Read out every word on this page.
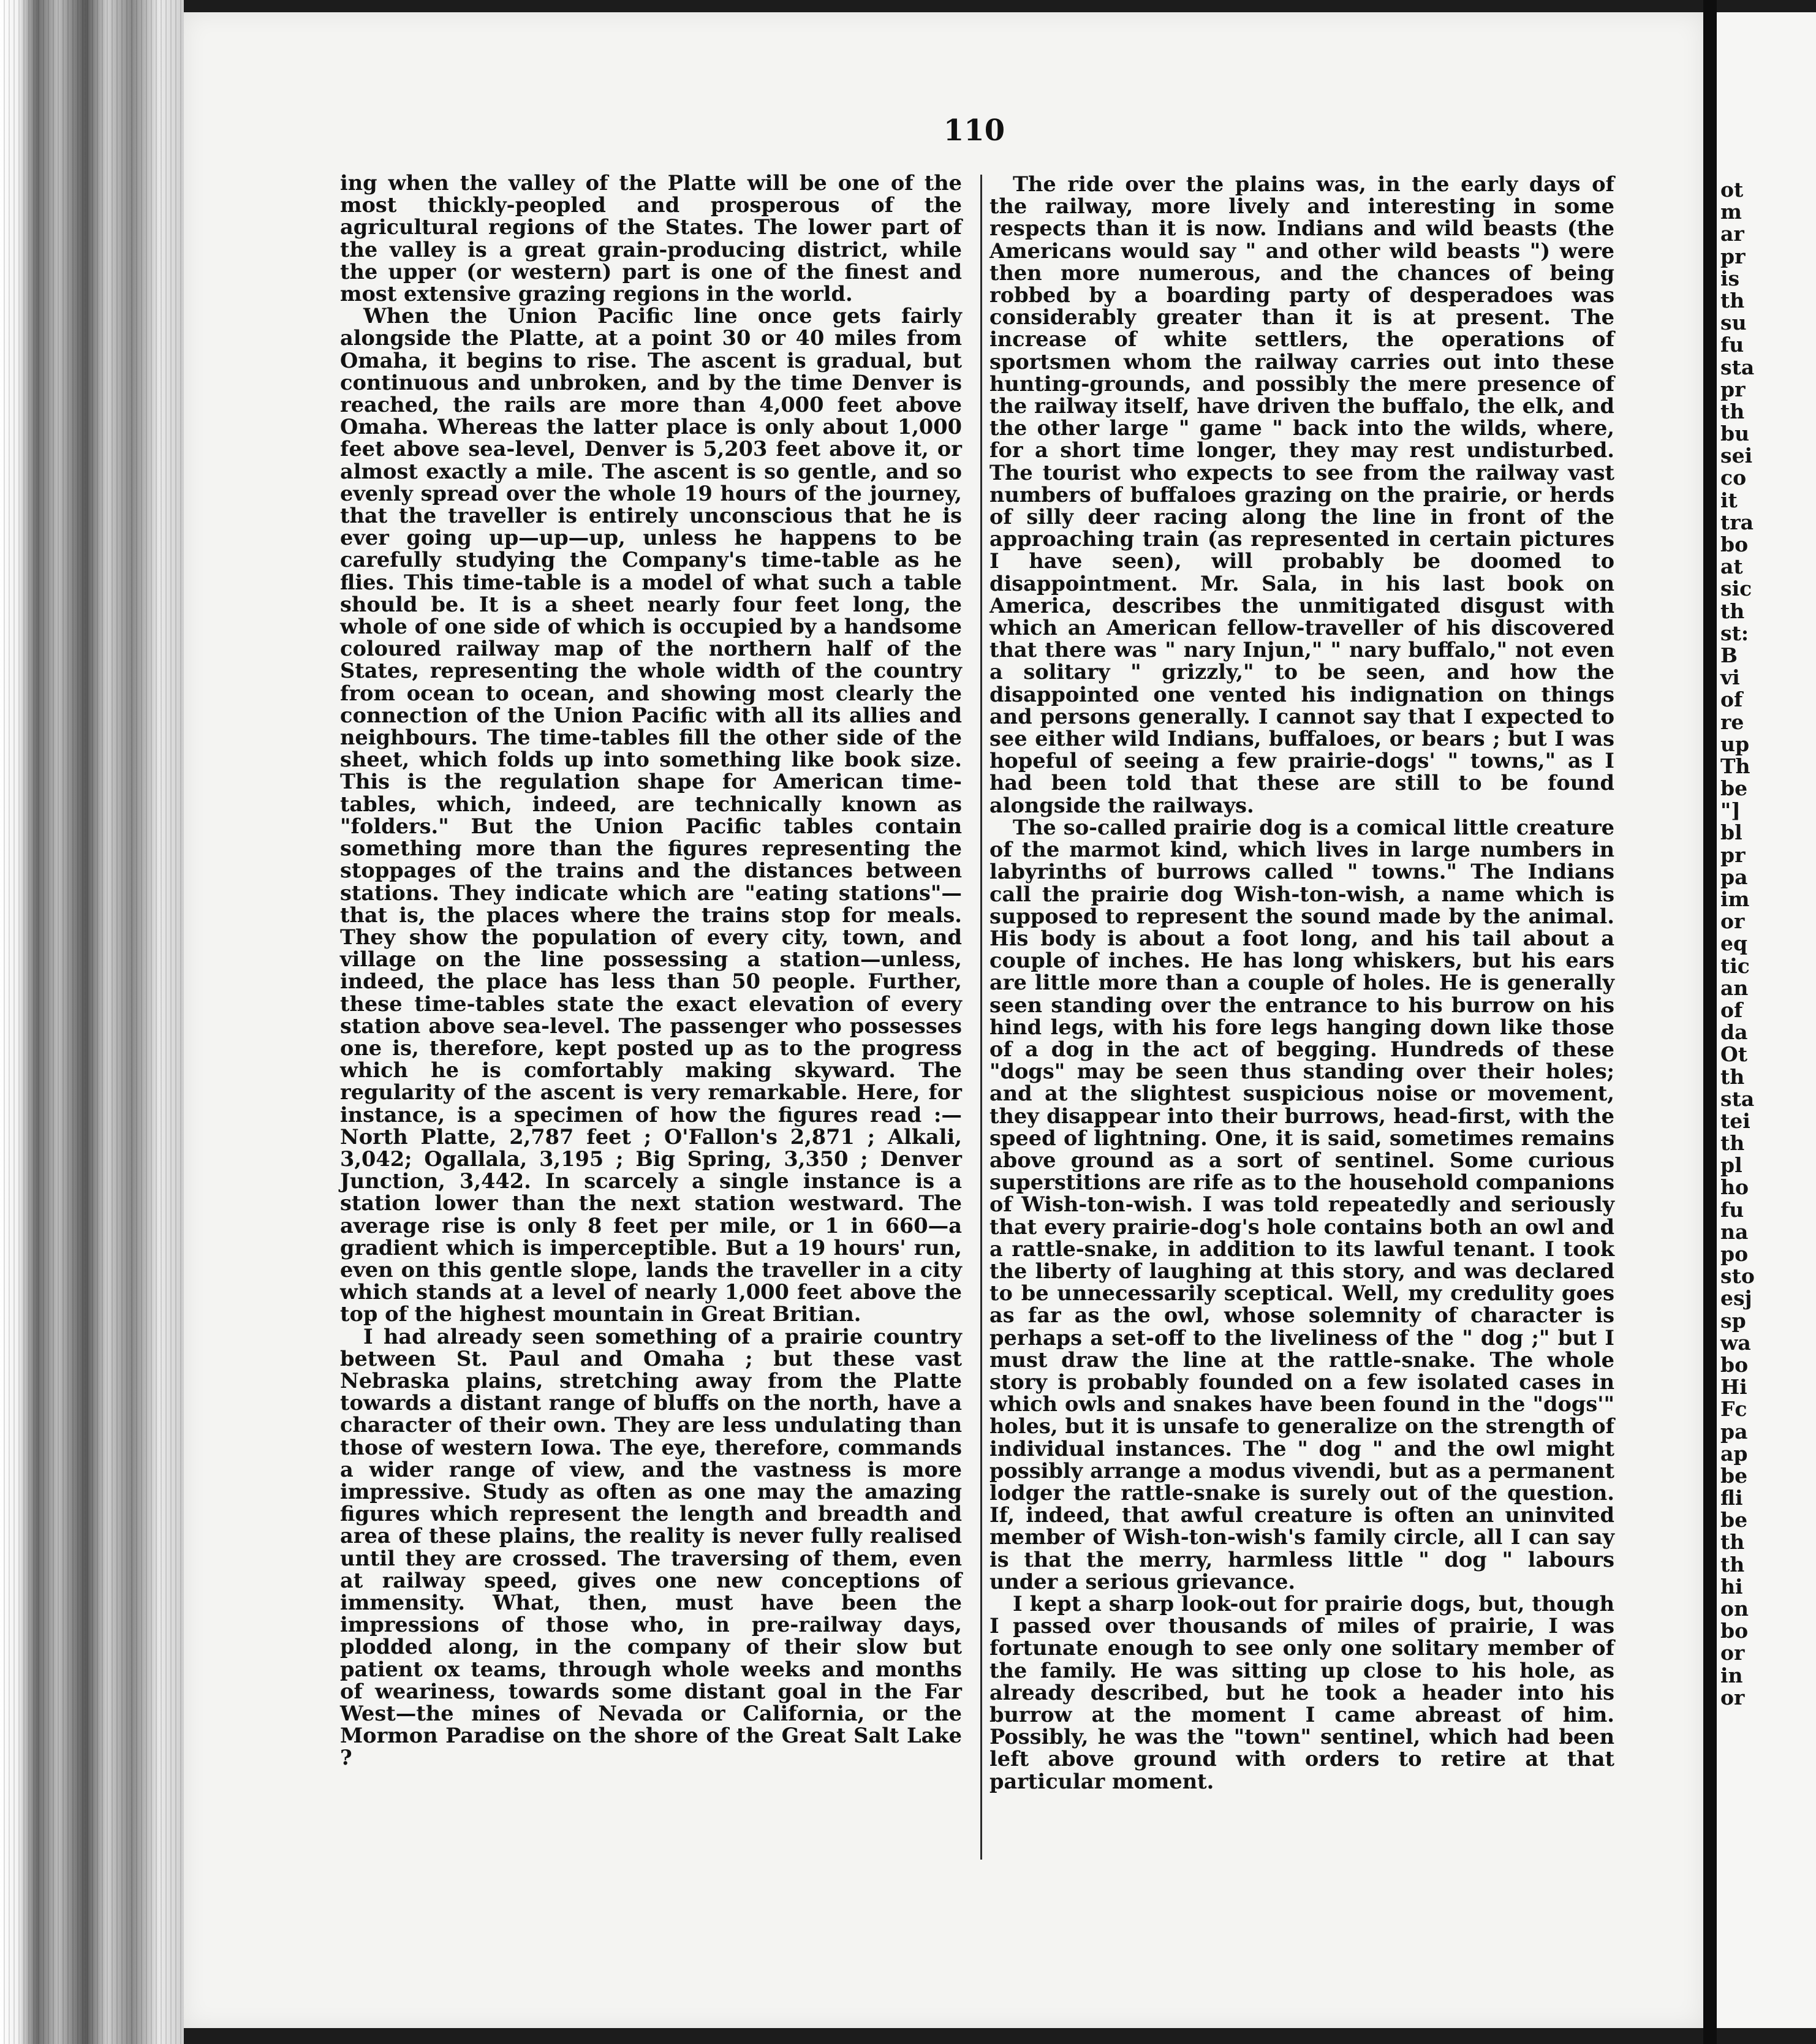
110

ing when the valley of the Platte will be one of the most thickly-peopled and prosperous of the agricultural regions of the States. The lower part of the valley is a great grain-producing district, while the upper (or western) part is one of the finest and most extensive grazing regions in the world.

When the Union Pacific line once gets fairly alongside the Platte, at a point 30 or 40 miles from Omaha, it begins to rise. The ascent is gradual, but continuous and unbroken, and by the time Denver is reached, the rails are more than 4,000 feet above Omaha. Whereas the latter place is only about 1,000 feet above sea-level, Denver is 5,203 feet above it, or almost exactly a mile. The ascent is so gentle, and so evenly spread over the whole 19 hours of the journey, that the traveller is entirely unconscious that he is ever going up—up—up, unless he happens to be carefully studying the Company's time-table as he flies. This time-table is a model of what such a table should be. It is a sheet nearly four feet long, the whole of one side of which is occupied by a handsome coloured railway map of the northern half of the States, representing the whole width of the country from ocean to ocean, and showing most clearly the connection of the Union Pacific with all its allies and neighbours. The time-tables fill the other side of the sheet, which folds up into something like book size. This is the regulation shape for American time-tables, which, indeed, are technically known as "folders." But the Union Pacific tables contain something more than the figures representing the stoppages of the trains and the distances between stations. They indicate which are "eating stations"—that is, the places where the trains stop for meals. They show the population of every city, town, and village on the line possessing a station—unless, indeed, the place has less than 50 people. Further, these time-tables state the exact elevation of every station above sea-level. The passenger who possesses one is, therefore, kept posted up as to the progress which he is comfortably making skyward. The regularity of the ascent is very remarkable. Here, for instance, is a specimen of how the figures read :—North Platte, 2,787 feet ; O'Fallon's 2,871 ; Alkali, 3,042; Ogallala, 3,195 ; Big Spring, 3,350 ; Denver Junction, 3,442. In scarcely a single instance is a station lower than the next station westward. The average rise is only 8 feet per mile, or 1 in 660—a gradient which is imperceptible. But a 19 hours' run, even on this gentle slope, lands the traveller in a city which stands at a level of nearly 1,000 feet above the top of the highest mountain in Great Britian.

I had already seen something of a prairie country between St. Paul and Omaha ; but these vast Nebraska plains, stretching away from the Platte towards a distant range of bluffs on the north, have a character of their own. They are less undulating than those of western Iowa. The eye, therefore, commands a wider range of view, and the vastness is more impressive. Study as often as one may the amazing figures which represent the length and breadth and area of these plains, the reality is never fully realised until they are crossed. The traversing of them, even at railway speed, gives one new conceptions of immensity. What, then, must have been the impressions of those who, in pre-railway days, plodded along, in the company of their slow but patient ox teams, through whole weeks and months of weariness, towards some distant goal in the Far West—the mines of Nevada or California, or the Mormon Paradise on the shore of the Great Salt Lake ?

The ride over the plains was, in the early days of the railway, more lively and interesting in some respects than it is now. Indians and wild beasts (the Americans would say " and other wild beasts ") were then more numerous, and the chances of being robbed by a boarding party of desperadoes was considerably greater than it is at present. The increase of white settlers, the operations of sportsmen whom the railway carries out into these hunting-grounds, and possibly the mere presence of the railway itself, have driven the buffalo, the elk, and the other large " game " back into the wilds, where, for a short time longer, they may rest undisturbed. The tourist who expects to see from the railway vast numbers of buffaloes grazing on the prairie, or herds of silly deer racing along the line in front of the approaching train (as represented in certain pictures I have seen), will probably be doomed to disappointment. Mr. Sala, in his last book on America, describes the unmitigated disgust with which an American fellow-traveller of his discovered that there was " nary Injun," " nary buffalo," not even a solitary " grizzly," to be seen, and how the disappointed one vented his indignation on things and persons generally. I cannot say that I expected to see either wild Indians, buffaloes, or bears ; but I was hopeful of seeing a few prairie-dogs' " towns," as I had been told that these are still to be found alongside the railways.

The so-called prairie dog is a comical little creature of the marmot kind, which lives in large numbers in labyrinths of burrows called " towns." The Indians call the prairie dog Wish-ton-wish, a name which is supposed to represent the sound made by the animal. His body is about a foot long, and his tail about a couple of inches. He has long whiskers, but his ears are little more than a couple of holes. He is generally seen standing over the entrance to his burrow on his hind legs, with his fore legs hanging down like those of a dog in the act of begging. Hundreds of these "dogs" may be seen thus standing over their holes; and at the slightest suspicious noise or movement, they disappear into their burrows, head-first, with the speed of lightning. One, it is said, sometimes remains above ground as a sort of sentinel. Some curious superstitions are rife as to the household companions of Wish-ton-wish. I was told repeatedly and seriously that every prairie-dog's hole contains both an owl and a rattle-snake, in addition to its lawful tenant. I took the liberty of laughing at this story, and was declared to be unnecessarily sceptical. Well, my credulity goes as far as the owl, whose solemnity of character is perhaps a set-off to the liveliness of the " dog ;" but I must draw the line at the rattle-snake. The whole story is probably founded on a few isolated cases in which owls and snakes have been found in the "dogs'" holes, but it is unsafe to generalize on the strength of individual instances. The " dog " and the owl might possibly arrange a modus vivendi, but as a permanent lodger the rattle-snake is surely out of the question. If, indeed, that awful creature is often an uninvited member of Wish-ton-wish's family circle, all I can say is that the merry, harmless little " dog " labours under a serious grievance.

I kept a sharp look-out for prairie dogs, but, though I passed over thousands of miles of prairie, I was fortunate enough to see only one solitary member of the family. He was sitting up close to his hole, as already described, but he took a header into his burrow at the moment I came abreast of him. Possibly, he was the "town" sentinel, which had been left above ground with orders to retire at that particular moment.

ot
m
ar
pr
is
th
su
fu
sta
pr
th
bu
sei
co
it
tra
bo
at
sic
th
st:
B
vi
of
re
up
Th
be
"]
bl
pr
pa
im
or
eq
tic
an
of
da
Ot
th
sta
tei
th
pl
ho
fu
na
po
sto
esj
sp
wa
bo
Hi
Fc
pa
ap
be
fli
be
th
th
hi
on
bo
or
in
or
